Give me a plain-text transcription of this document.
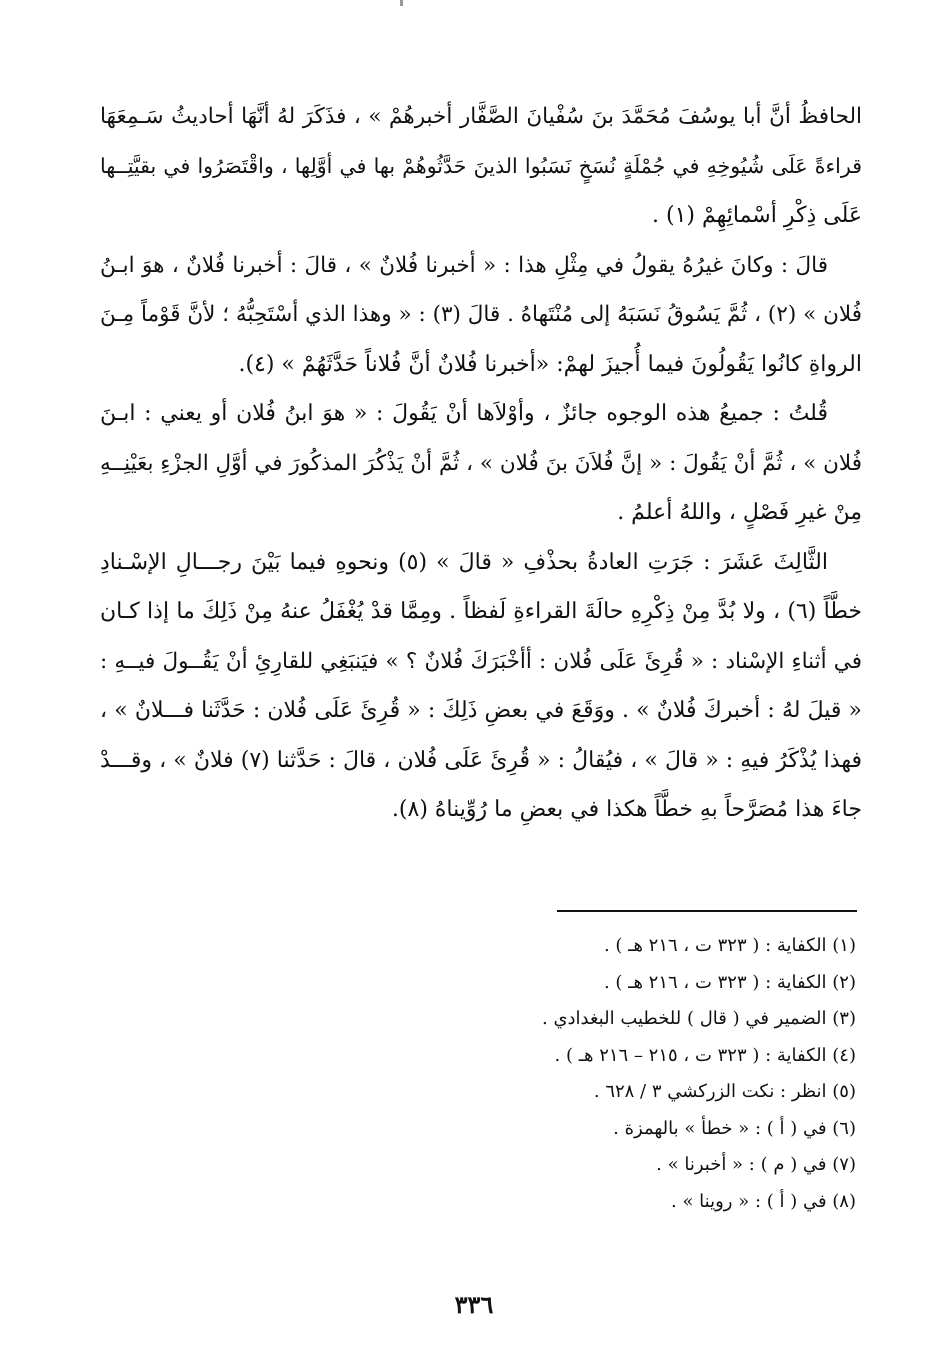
الحافظُ أنَّ أبا يوسُفَ مُحَمَّدَ بنَ سُفْيانَ الصَّفَّار أخبرهُمْ » ، فذَكَرَ لهُ أنَّهَا أحاديثُ سَـمِعَهَا
قراءةً عَلَى شُيُوخِهِ في جُمْلَةٍ نُسَخٍ نَسَبُوا الذينَ حَدَّثُوهُمْ بها في أوَّلِها ، واقْتَصَرُوا في بقيَّتِــها
عَلَى ذِكْرِ أسْمائِهِمْ (١) .
قالَ : وكانَ غيرُهُ يقولُ في مِثْلِ هذا : « أخبرنا فُلانٌ » ، قالَ : أخبرنا فُلانٌ ، هوَ ابـنُ
فُلان » (٢) ، ثُمَّ يَسُوقُ نَسَبَهُ إلى مُنْتَهاهُ . قالَ (٣) : « وهذا الذي أسْتَحِبُّهُ ؛ لأنَّ قَوْماً مِـنَ
الرواةِ كانُوا يَقُولُونَ فيما أُجيزَ لهمْ: «أخبرنا فُلانٌ أنَّ فُلاناً حَدَّثَهُمْ » (٤).
قُلتُ : جميعُ هذه الوجوه جائزٌ ، وأوْلاَها أنْ يَقُولَ : « هوَ ابنُ فُلان أو يعني : ابـنَ
فُلان » ، ثُمَّ أنْ يَقُولَ : « إنَّ فُلاَنَ بنَ فُلان » ، ثُمَّ أنْ يَذْكُرَ المذكُورَ في أوَّلِ الجزْءِ بعَيْنِــهِ
مِنْ غيرِ فَصْلٍ ، واللهُ أعلمُ .
الثَّالِثَ عَشَرَ : جَرَتِ العادةُ بحذْفِ « قالَ » (٥) ونحوهِ فيما بَيْنَ رجـــالِ الإسْـنادِ
خطَّاً (٦) ، ولا بُدَّ مِنْ ذِكْرِهِ حالَةَ القراءةِ لَفظاً . ومِمَّا قدْ يُغْفَلُ عنهُ مِنْ ذَلِكَ ما إذا كـان
في أثناءِ الإسْناد : « قُرِئَ عَلَى فُلان : أأخْبَرَكَ فُلانٌ ؟ » فيَنبَغِي للقارِئِ أنْ يَقُــولَ فيــهِ :
« قيلَ لهُ : أخبركَ فُلانٌ » . ووَقَعَ في بعضِ ذَلِكَ : « قُرِئَ عَلَى فُلان : حَدَّثَنا فـــلانٌ » ،
فهذا يُذْكَرُ فيهِ : « قالَ » ، فيُقالُ : « قُرِئَ عَلَى فُلان ، قالَ : حَدَّثنا (٧) فلانٌ » ، وقـــدْ
جاءَ هذا مُصَرَّحاً بهِ خطَّاً هكذا في بعضِ ما رُوِّيناهُ (٨).
(١) الكفاية : ( ٣٢٣ ت ، ٢١٦ هـ ) .
(٢) الكفاية : ( ٣٢٣ ت ، ٢١٦ هـ ) .
(٣) الضمير في ( قال ) للخطيب البغدادي .
(٤) الكفاية : ( ٣٢٣ ت ، ٢١٥ – ٢١٦ هـ ) .
(٥) انظر : نكت الزركشي ٣ / ٦٢٨ .
(٦) في ( أ ) : « خطأ » بالهمزة .
(٧) في ( م ) : « أخبرنا » .
(٨) في ( أ ) : « روينا » .
٣٣٦
